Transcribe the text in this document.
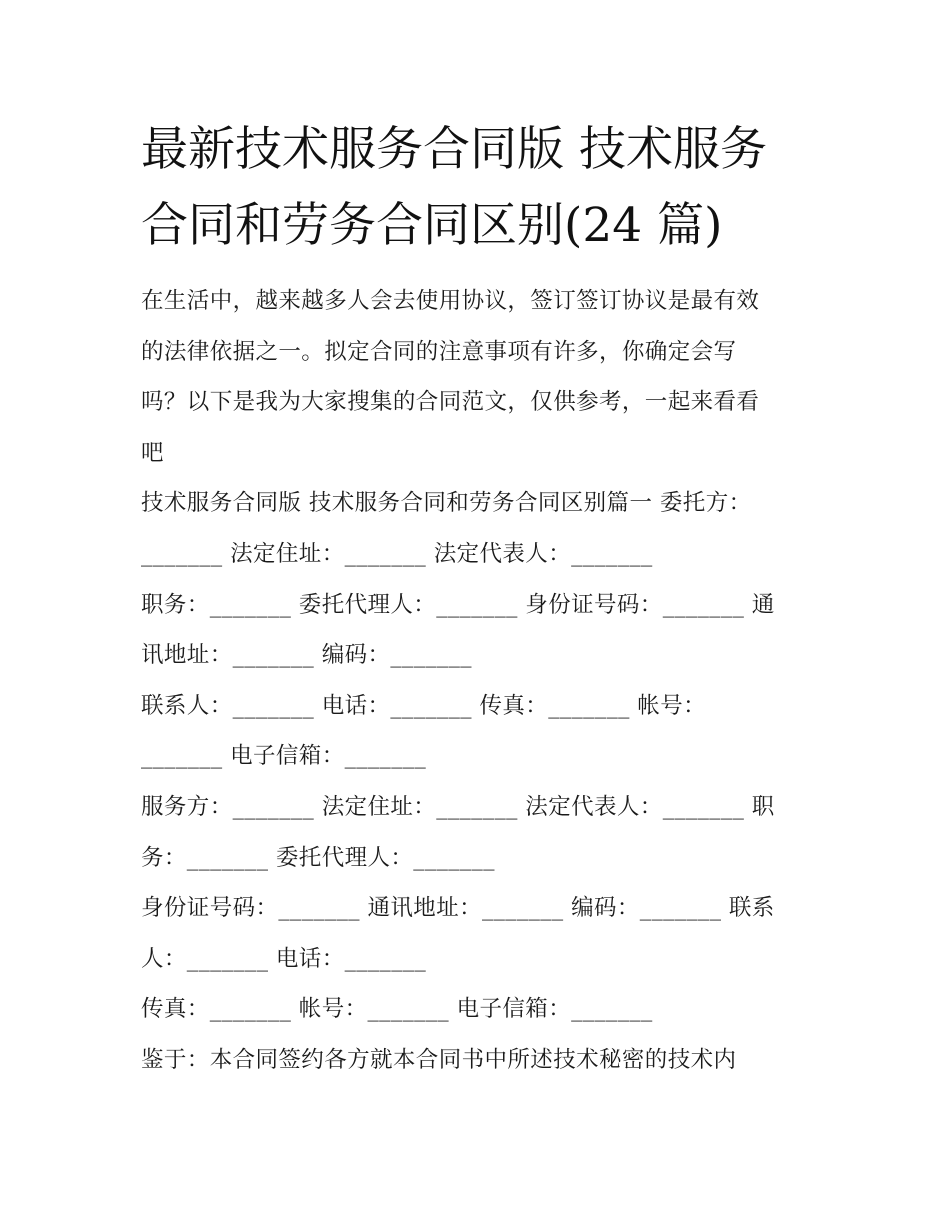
最新技术服务合同版 技术服务
合同和劳务合同区别(24 篇)
在生活中，越来越多人会去使用协议，签订签订协议是最有效
的法律依据之一。拟定合同的注意事项有许多，你确定会写
吗？以下是我为大家搜集的合同范文，仅供参考，一起来看看
吧
技术服务合同版 技术服务合同和劳务合同区别篇一 委托方：
_______ 法定住址：_______ 法定代表人：_______
职务：_______ 委托代理人：_______ 身份证号码：_______ 通
讯地址：_______ 编码：_______
联系人：_______ 电话：_______ 传真：_______ 帐号：
_______ 电子信箱：_______
服务方：_______ 法定住址：_______ 法定代表人：_______ 职
务：_______ 委托代理人：_______
身份证号码：_______ 通讯地址：_______ 编码：_______ 联系
人：_______ 电话：_______
传真：_______ 帐号：_______ 电子信箱：_______
鉴于：本合同签约各方就本合同书中所述技术秘密的技术内
